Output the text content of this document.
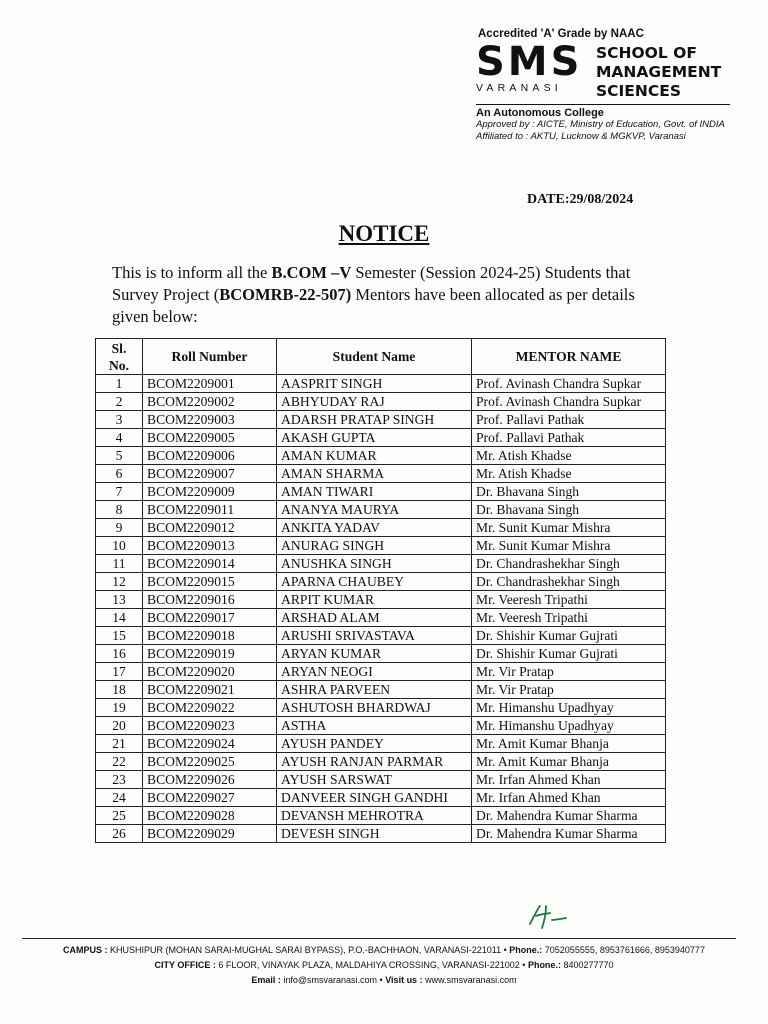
Accredited 'A' Grade by NAAC
SMS
VARANASI
SCHOOL OF
MANAGEMENT
SCIENCES
An Autonomous College
Approved by : AICTE, Ministry of Education, Govt. of INDIA
Affiliated to : AKTU, Lucknow & MGKVP, Varanasi
DATE:29/08/2024
NOTICE
This is to inform all the B.COM –V Semester (Session 2024-25) Students that Survey Project (BCOMRB-22-507) Mentors have been allocated as per details given below:
Sl. No.	Roll Number	Student Name	MENTOR NAME
1	BCOM2209001	AASPRIT SINGH	Prof. Avinash Chandra Supkar
2	BCOM2209002	ABHYUDAY RAJ	Prof. Avinash Chandra Supkar
3	BCOM2209003	ADARSH PRATAP SINGH	Prof. Pallavi Pathak
4	BCOM2209005	AKASH GUPTA	Prof. Pallavi Pathak
5	BCOM2209006	AMAN KUMAR	Mr. Atish Khadse
6	BCOM2209007	AMAN SHARMA	Mr. Atish Khadse
7	BCOM2209009	AMAN TIWARI	Dr. Bhavana Singh
8	BCOM2209011	ANANYA MAURYA	Dr. Bhavana Singh
9	BCOM2209012	ANKITA YADAV	Mr. Sunit Kumar Mishra
10	BCOM2209013	ANURAG SINGH	Mr. Sunit Kumar Mishra
11	BCOM2209014	ANUSHKA SINGH	Dr. Chandrashekhar Singh
12	BCOM2209015	APARNA CHAUBEY	Dr. Chandrashekhar Singh
13	BCOM2209016	ARPIT KUMAR	Mr. Veeresh Tripathi
14	BCOM2209017	ARSHAD ALAM	Mr. Veeresh Tripathi
15	BCOM2209018	ARUSHI SRIVASTAVA	Dr. Shishir Kumar Gujrati
16	BCOM2209019	ARYAN KUMAR	Dr. Shishir Kumar Gujrati
17	BCOM2209020	ARYAN NEOGI	Mr. Vir Pratap
18	BCOM2209021	ASHRA PARVEEN	Mr. Vir Pratap
19	BCOM2209022	ASHUTOSH BHARDWAJ	Mr. Himanshu Upadhyay
20	BCOM2209023	ASTHA	Mr. Himanshu Upadhyay
21	BCOM2209024	AYUSH PANDEY	Mr. Amit Kumar Bhanja
22	BCOM2209025	AYUSH RANJAN PARMAR	Mr. Amit Kumar Bhanja
23	BCOM2209026	AYUSH SARSWAT	Mr. Irfan Ahmed Khan
24	BCOM2209027	DANVEER SINGH GANDHI	Mr. Irfan Ahmed Khan
25	BCOM2209028	DEVANSH MEHROTRA	Dr. Mahendra Kumar Sharma
26	BCOM2209029	DEVESH SINGH	Dr. Mahendra Kumar Sharma
CAMPUS : KHUSHIPUR (MOHAN SARAI-MUGHAL SARAI BYPASS), P.O.-BACHHAON, VARANASI-221011 • Phone.: 7052055555, 8953761666, 8953940777
CITY OFFICE : 6 FLOOR, VINAYAK PLAZA, MALDAHIYA CROSSING, VARANASI-221002 • Phone.: 8400277770
Email : info@smsvaranasi.com • Visit us : www.smsvaranasi.com
